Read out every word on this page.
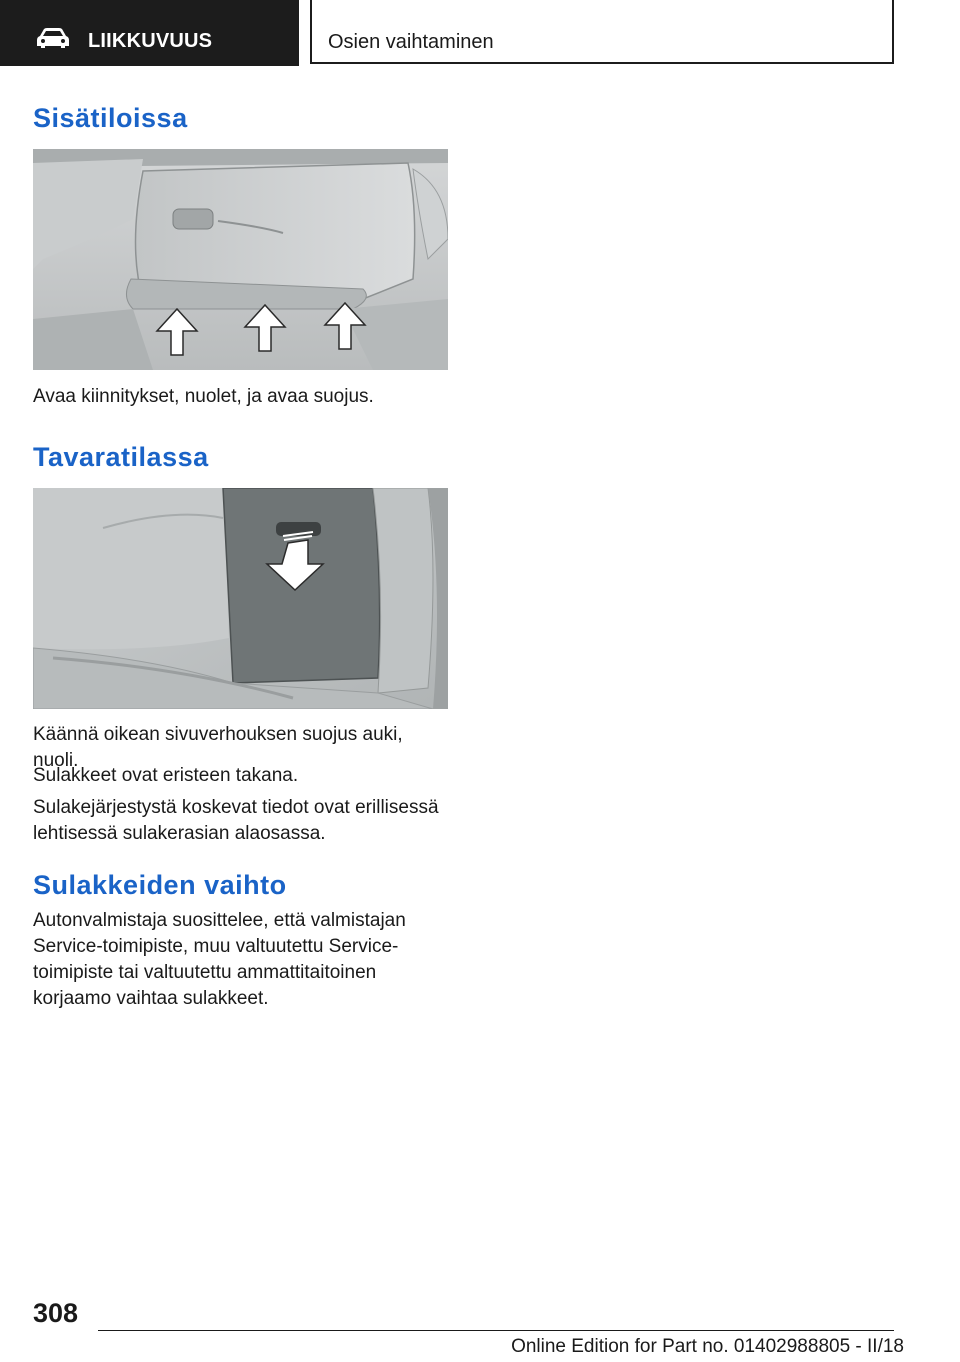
LIIKKUVUUS	Osien vaihtaminen
Sisätiloissa

Avaa kiinnitykset, nuolet, ja avaa suojus.

Tavaratilassa

Käännä oikean sivuverhouksen suojus auki, nuoli.

Sulakkeet ovat eristeen takana.

Sulakejärjestystä koskevat tiedot ovat erillisessä lehtisessä sulakerasian alaosassa.

Sulakkeiden vaihto

Autonvalmistaja suosittelee, että valmistajan Service-toimipiste, muu valtuutettu Service-toimipiste tai valtuutettu ammattitaitoinen korjaamo vaihtaa sulakkeet.

308
Online Edition for Part no. 01402988805 - II/18
